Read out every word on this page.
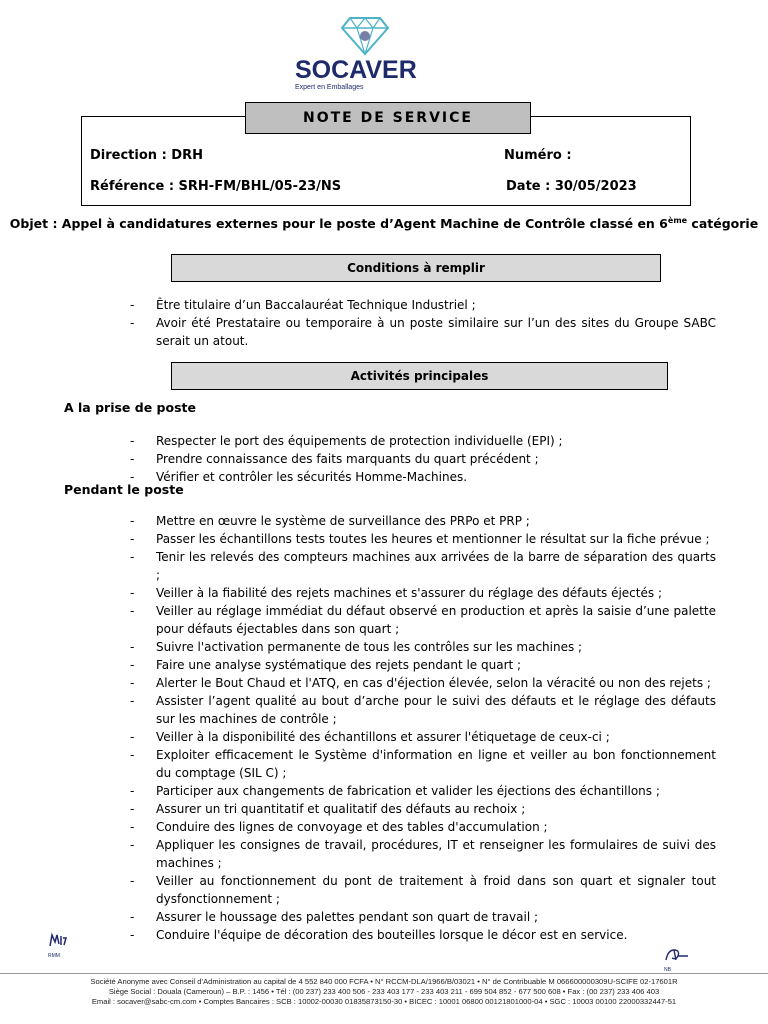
SOCAVER
Expert en Emballages
NOTE DE SERVICE
Direction : DRH	Numéro :
Référence : SRH-FM/BHL/05-23/NS	Date : 30/05/2023
Objet : Appel à candidatures externes pour le poste d’Agent Machine de Contrôle classé en 6ème catégorie
Conditions à remplir
- Être titulaire d’un Baccalauréat Technique Industriel ;
- Avoir été Prestataire ou temporaire à un poste similaire sur l’un des sites du Groupe SABC serait un atout.
Activités principales
A la prise de poste
- Respecter le port des équipements de protection individuelle (EPI) ;
- Prendre connaissance des faits marquants du quart précédent ;
- Vérifier et contrôler les sécurités Homme-Machines.
Pendant le poste
- Mettre en œuvre le système de surveillance des PRPo et PRP ;
- Passer les échantillons tests toutes les heures et mentionner le résultat sur la fiche prévue ;
- Tenir les relevés des compteurs machines aux arrivées de la barre de séparation des quarts ;
- Veiller à la fiabilité des rejets machines et s'assurer du réglage des défauts éjectés ;
- Veiller au réglage immédiat du défaut observé en production et après la saisie d’une palette pour défauts éjectables dans son quart ;
- Suivre l'activation permanente de tous les contrôles sur les machines ;
- Faire une analyse systématique des rejets pendant le quart ;
- Alerter le Bout Chaud et l'ATQ, en cas d'éjection élevée, selon la véracité ou non des rejets ;
- Assister l’agent qualité au bout d’arche pour le suivi des défauts et le réglage des défauts sur les machines de contrôle ;
- Veiller à la disponibilité des échantillons et assurer l'étiquetage de ceux-ci ;
- Exploiter efficacement le Système d'information en ligne et veiller au bon fonctionnement du comptage (SIL C) ;
- Participer aux changements de fabrication et valider les éjections des échantillons ;
- Assurer un tri quantitatif et qualitatif des défauts au rechoix ;
- Conduire des lignes de convoyage et des tables d'accumulation ;
- Appliquer les consignes de travail, procédures, IT et renseigner les formulaires de suivi des machines ;
- Veiller au fonctionnement du pont de traitement à froid dans son quart et signaler tout dysfonctionnement ;
- Assurer le houssage des palettes pendant son quart de travail ;
- Conduire l'équipe de décoration des bouteilles lorsque le décor est en service.
RMM
NB
Société Anonyme avec Conseil d’Administration au capital de 4 552 840 000 FCFA • N° RCCM-DLA/1966/B/03021 • N° de Contribuable M 066600000309U-SCIFE 02-17601R
Siège Social : Douala (Cameroun) – B.P. : 1456 • Tél : (00 237) 233 400 506 - 233 403 177 - 233 403 211 - 699 504 852 - 677 500 608 • Fax : (00 237) 233 406 403
Email : socaver@sabc-cm.com • Comptes Bancaires : SCB : 10002-00030 01835873150-30 • BICEC : 10001 06800 00121801000-04 • SGC : 10003 00100 22000332447-51
